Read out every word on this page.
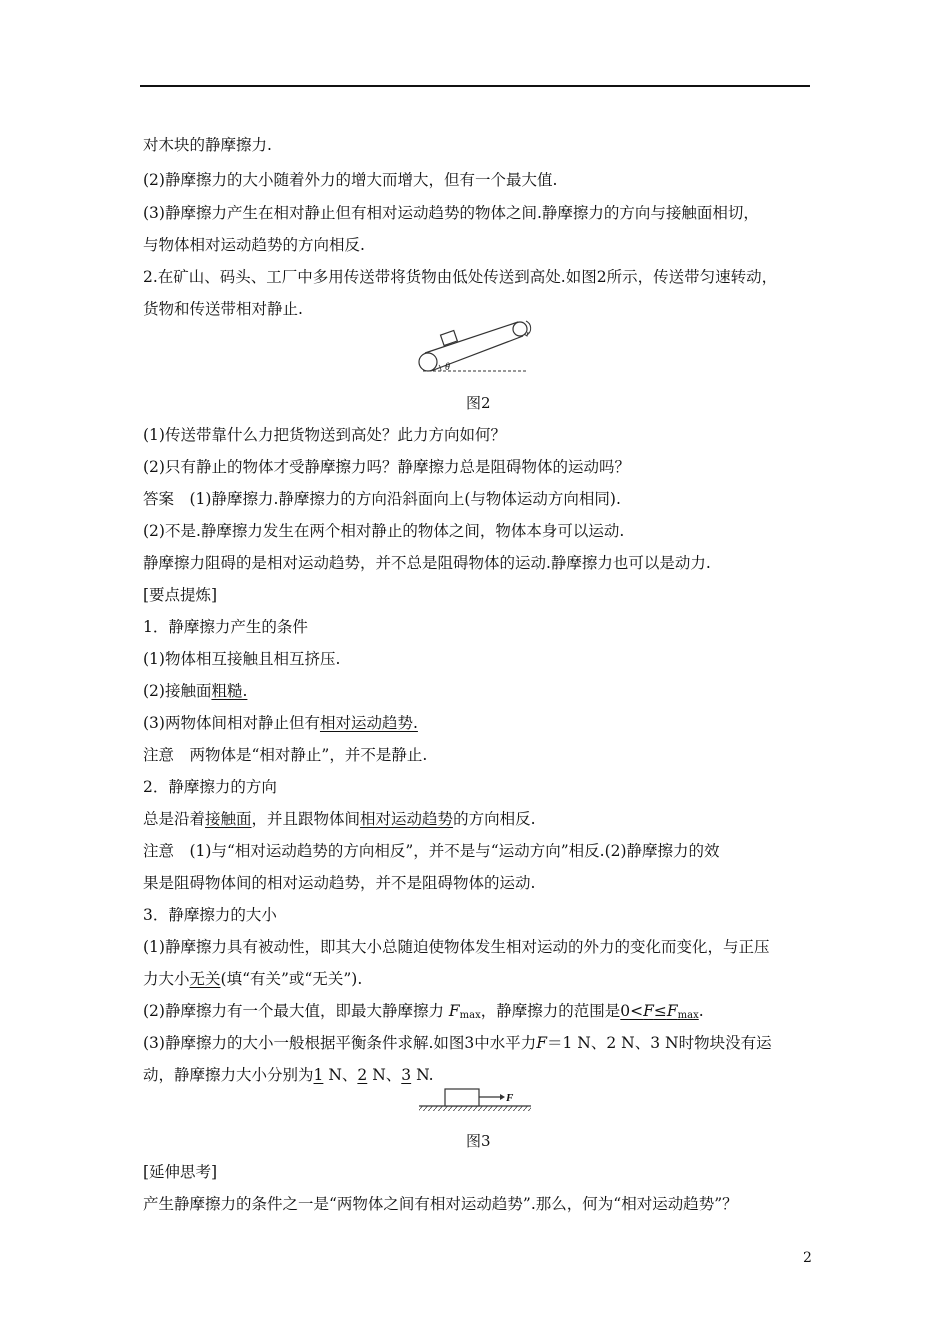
对木块的静摩擦力.
(2)静摩擦力的大小随着外力的增大而增大，但有一个最大值.
(3)静摩擦力产生在相对静止但有相对运动趋势的物体之间.静摩擦力的方向与接触面相切，
与物体相对运动趋势的方向相反.
2.在矿山、码头、工厂中多用传送带将货物由低处传送到高处.如图2所示，传送带匀速转动，
货物和传送带相对静止.
θ
图2
(1)传送带靠什么力把货物送到高处？此力方向如何？
(2)只有静止的物体才受静摩擦力吗？静摩擦力总是阻碍物体的运动吗？
答案　(1)静摩擦力.静摩擦力的方向沿斜面向上(与物体运动方向相同).
(2)不是.静摩擦力发生在两个相对静止的物体之间，物体本身可以运动.
静摩擦力阻碍的是相对运动趋势，并不总是阻碍物体的运动.静摩擦力也可以是动力.
[要点提炼]
1．静摩擦力产生的条件
(1)物体相互接触且相互挤压.
(2)接触面粗糙.
(3)两物体间相对静止但有相对运动趋势.
注意　两物体是“相对静止”，并不是静止.
2．静摩擦力的方向
总是沿着接触面，并且跟物体间相对运动趋势的方向相反.
注意　(1)与“相对运动趋势的方向相反”，并不是与“运动方向”相反.(2)静摩擦力的效
果是阻碍物体间的相对运动趋势，并不是阻碍物体的运动.
3．静摩擦力的大小
(1)静摩擦力具有被动性，即其大小总随迫使物体发生相对运动的外力的变化而变化，与正压
力大小无关(填“有关”或“无关”).
(2)静摩擦力有一个最大值，即最大静摩擦力 $F_{max}$，静摩擦力的范围是$0<F\le F_{max}$.
(3)静摩擦力的大小一般根据平衡条件求解.如图3中水平力F＝1 N、2 N、3 N时物块没有运
动，静摩擦力大小分别为1 N、2 N、3 N.
F
图3
[延伸思考]
产生静摩擦力的条件之一是“两物体之间有相对运动趋势”.那么，何为“相对运动趋势”？
2
